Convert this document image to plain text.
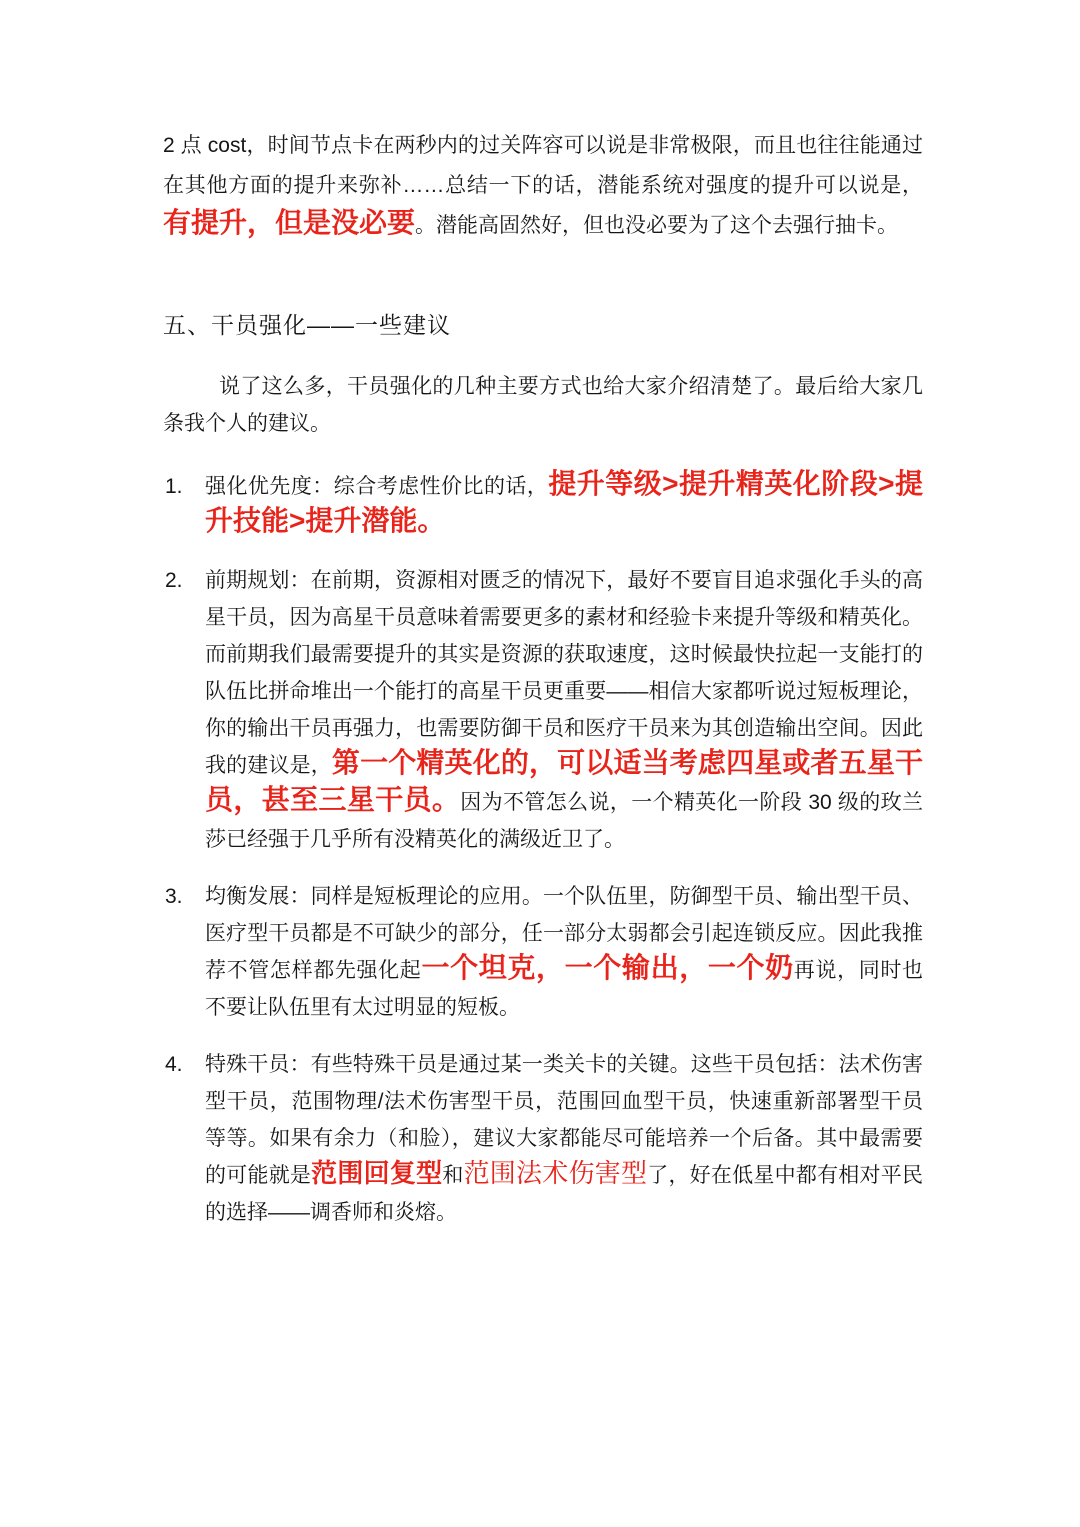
2 点 cost，时间节点卡在两秒内的过关阵容可以说是非常极限，而且也往往能通过在其他方面的提升来弥补……总结一下的话，潜能系统对强度的提升可以说是，有提升，但是没必要。潜能高固然好，但也没必要为了这个去强行抽卡。

五、干员强化——一些建议

说了这么多，干员强化的几种主要方式也给大家介绍清楚了。最后给大家几条我个人的建议。

1. 强化优先度：综合考虑性价比的话，提升等级>提升精英化阶段>提升技能>提升潜能。
2. 前期规划：在前期，资源相对匮乏的情况下，最好不要盲目追求强化手头的高星干员，因为高星干员意味着需要更多的素材和经验卡来提升等级和精英化。而前期我们最需要提升的其实是资源的获取速度，这时候最快拉起一支能打的队伍比拼命堆出一个能打的高星干员更重要——相信大家都听说过短板理论，你的输出干员再强力，也需要防御干员和医疗干员来为其创造输出空间。因此我的建议是，第一个精英化的，可以适当考虑四星或者五星干员，甚至三星干员。因为不管怎么说，一个精英化一阶段 30 级的玫兰莎已经强于几乎所有没精英化的满级近卫了。
3. 均衡发展：同样是短板理论的应用。一个队伍里，防御型干员、输出型干员、医疗型干员都是不可缺少的部分，任一部分太弱都会引起连锁反应。因此我推荐不管怎样都先强化起一个坦克，一个输出，一个奶再说，同时也不要让队伍里有太过明显的短板。
4. 特殊干员：有些特殊干员是通过某一类关卡的关键。这些干员包括：法术伤害型干员，范围物理/法术伤害型干员，范围回血型干员，快速重新部署型干员等等。如果有余力（和脸），建议大家都能尽可能培养一个后备。其中最需要的可能就是范围回复型和范围法术伤害型了，好在低星中都有相对平民的选择——调香师和炎熔。
